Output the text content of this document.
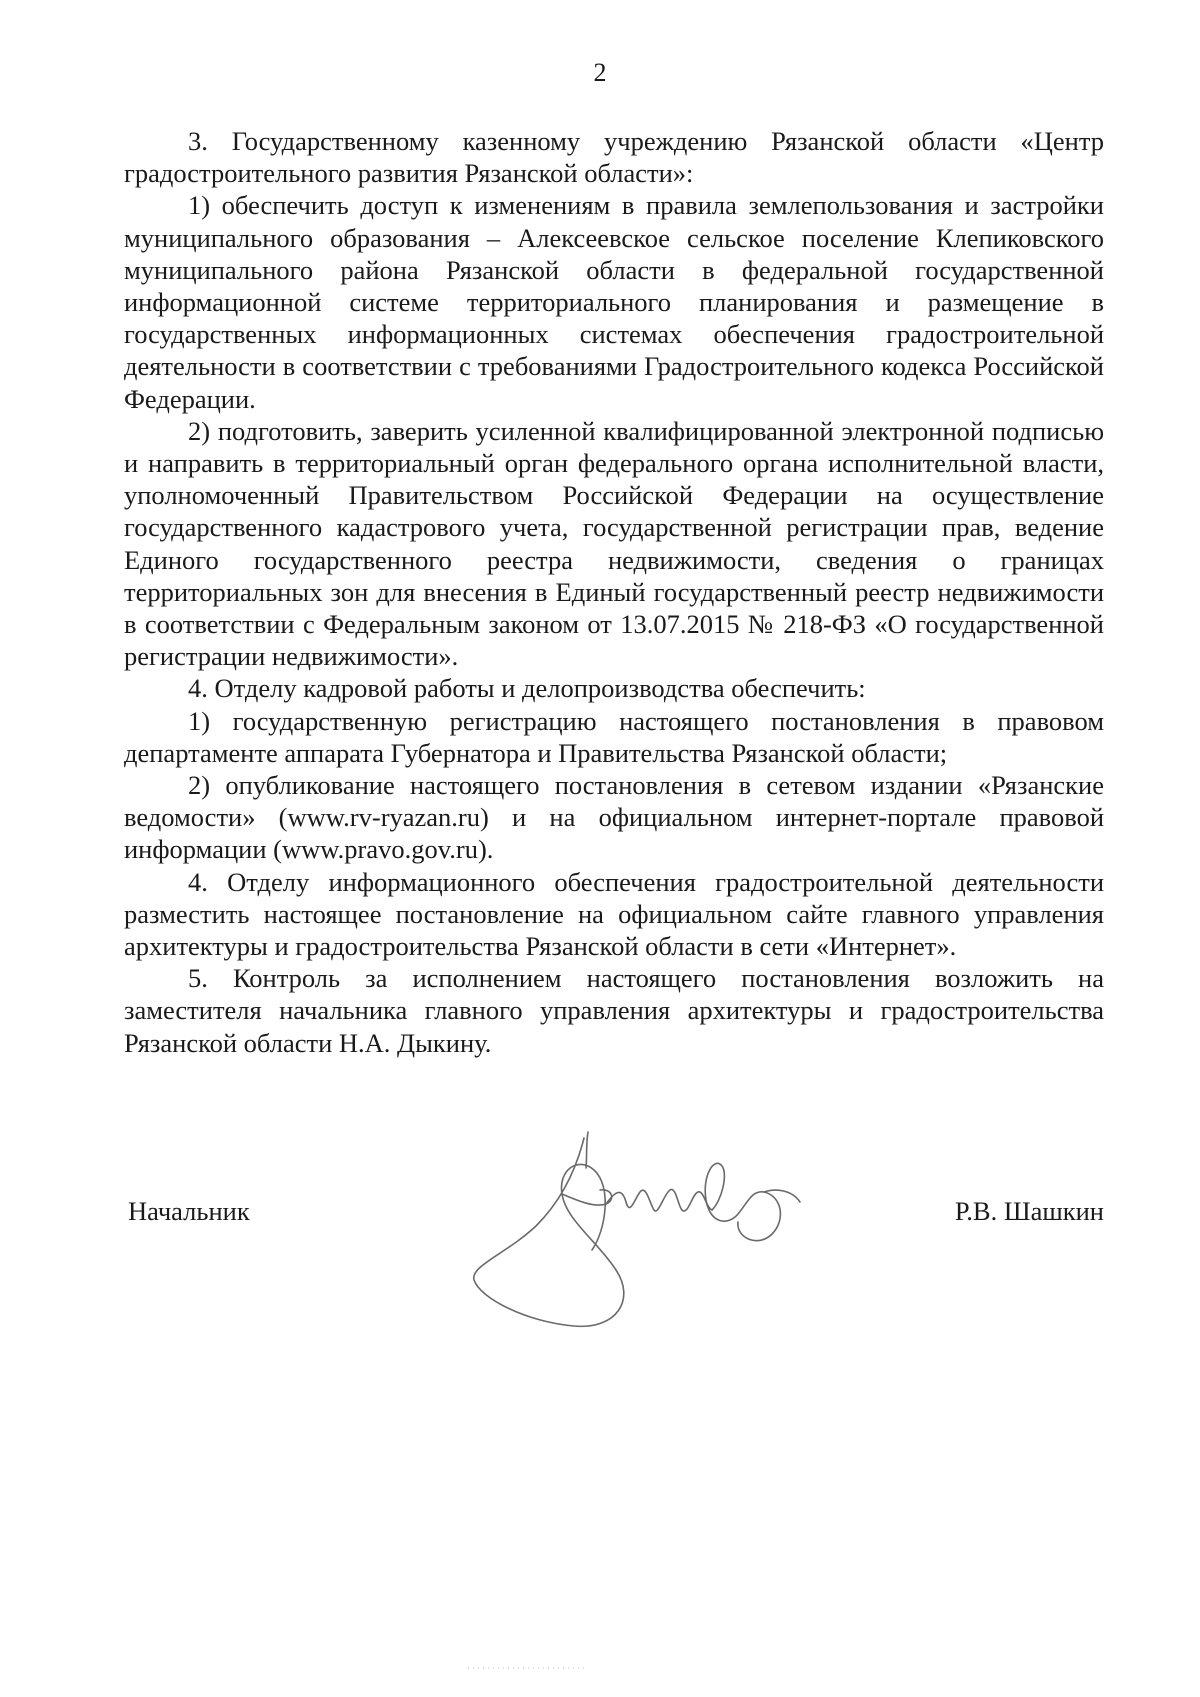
2

3. Государственному казенному учреждению Рязанской области «Центр градостроительного развития Рязанской области»:

1) обеспечить доступ к изменениям в правила землепользования и застройки муниципального образования – Алексеевское сельское поселение Клепиковского муниципального района Рязанской области в федеральной государственной информационной системе территориального планирования и размещение в государственных информационных системах обеспечения градостроительной деятельности в соответствии с требованиями Градостроительного кодекса Российской Федерации.

2) подготовить, заверить усиленной квалифицированной электронной подписью и направить в территориальный орган федерального органа исполнительной власти, уполномоченный Правительством Российской Федерации на осуществление государственного кадастрового учета, государственной регистрации прав, ведение Единого государственного реестра недвижимости, сведения о границах территориальных зон для внесения в Единый государственный реестр недвижимости в соответствии с Федеральным законом от 13.07.2015 № 218-ФЗ «О государственной регистрации недвижимости».

4. Отделу кадровой работы и делопроизводства обеспечить:

1) государственную регистрацию настоящего постановления в правовом департаменте аппарата Губернатора и Правительства Рязанской области;

2) опубликование настоящего постановления в сетевом издании «Рязанские ведомости» (www.rv-ryazan.ru) и на официальном интернет-портале правовой информации (www.pravo.gov.ru).

4. Отделу информационного обеспечения градостроительной деятельности разместить настоящее постановление на официальном сайте главного управления архитектуры и градостроительства Рязанской области в сети «Интернет».

5. Контроль за исполнением настоящего постановления возложить на заместителя начальника главного управления архитектуры и градостроительства Рязанской области Н.А. Дыкину.

Начальник	Р.В. Шашкин
